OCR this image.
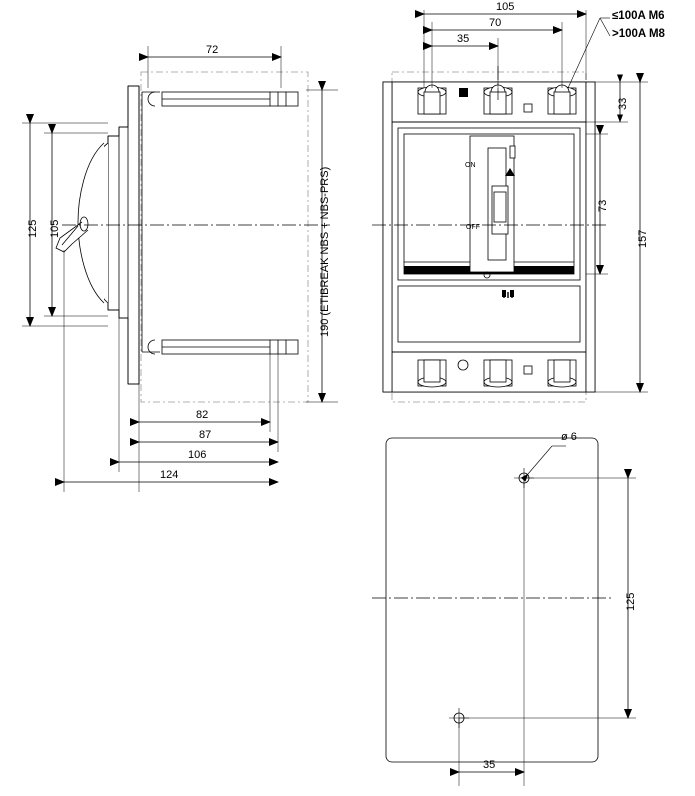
72
125 105	190 (ETIBREAK NBS + NBS-PRS)
82
87
106
124
105
70
35
33
73
157
ON
OFF
≤100A M6
>100A M8
ø 6
125
35
